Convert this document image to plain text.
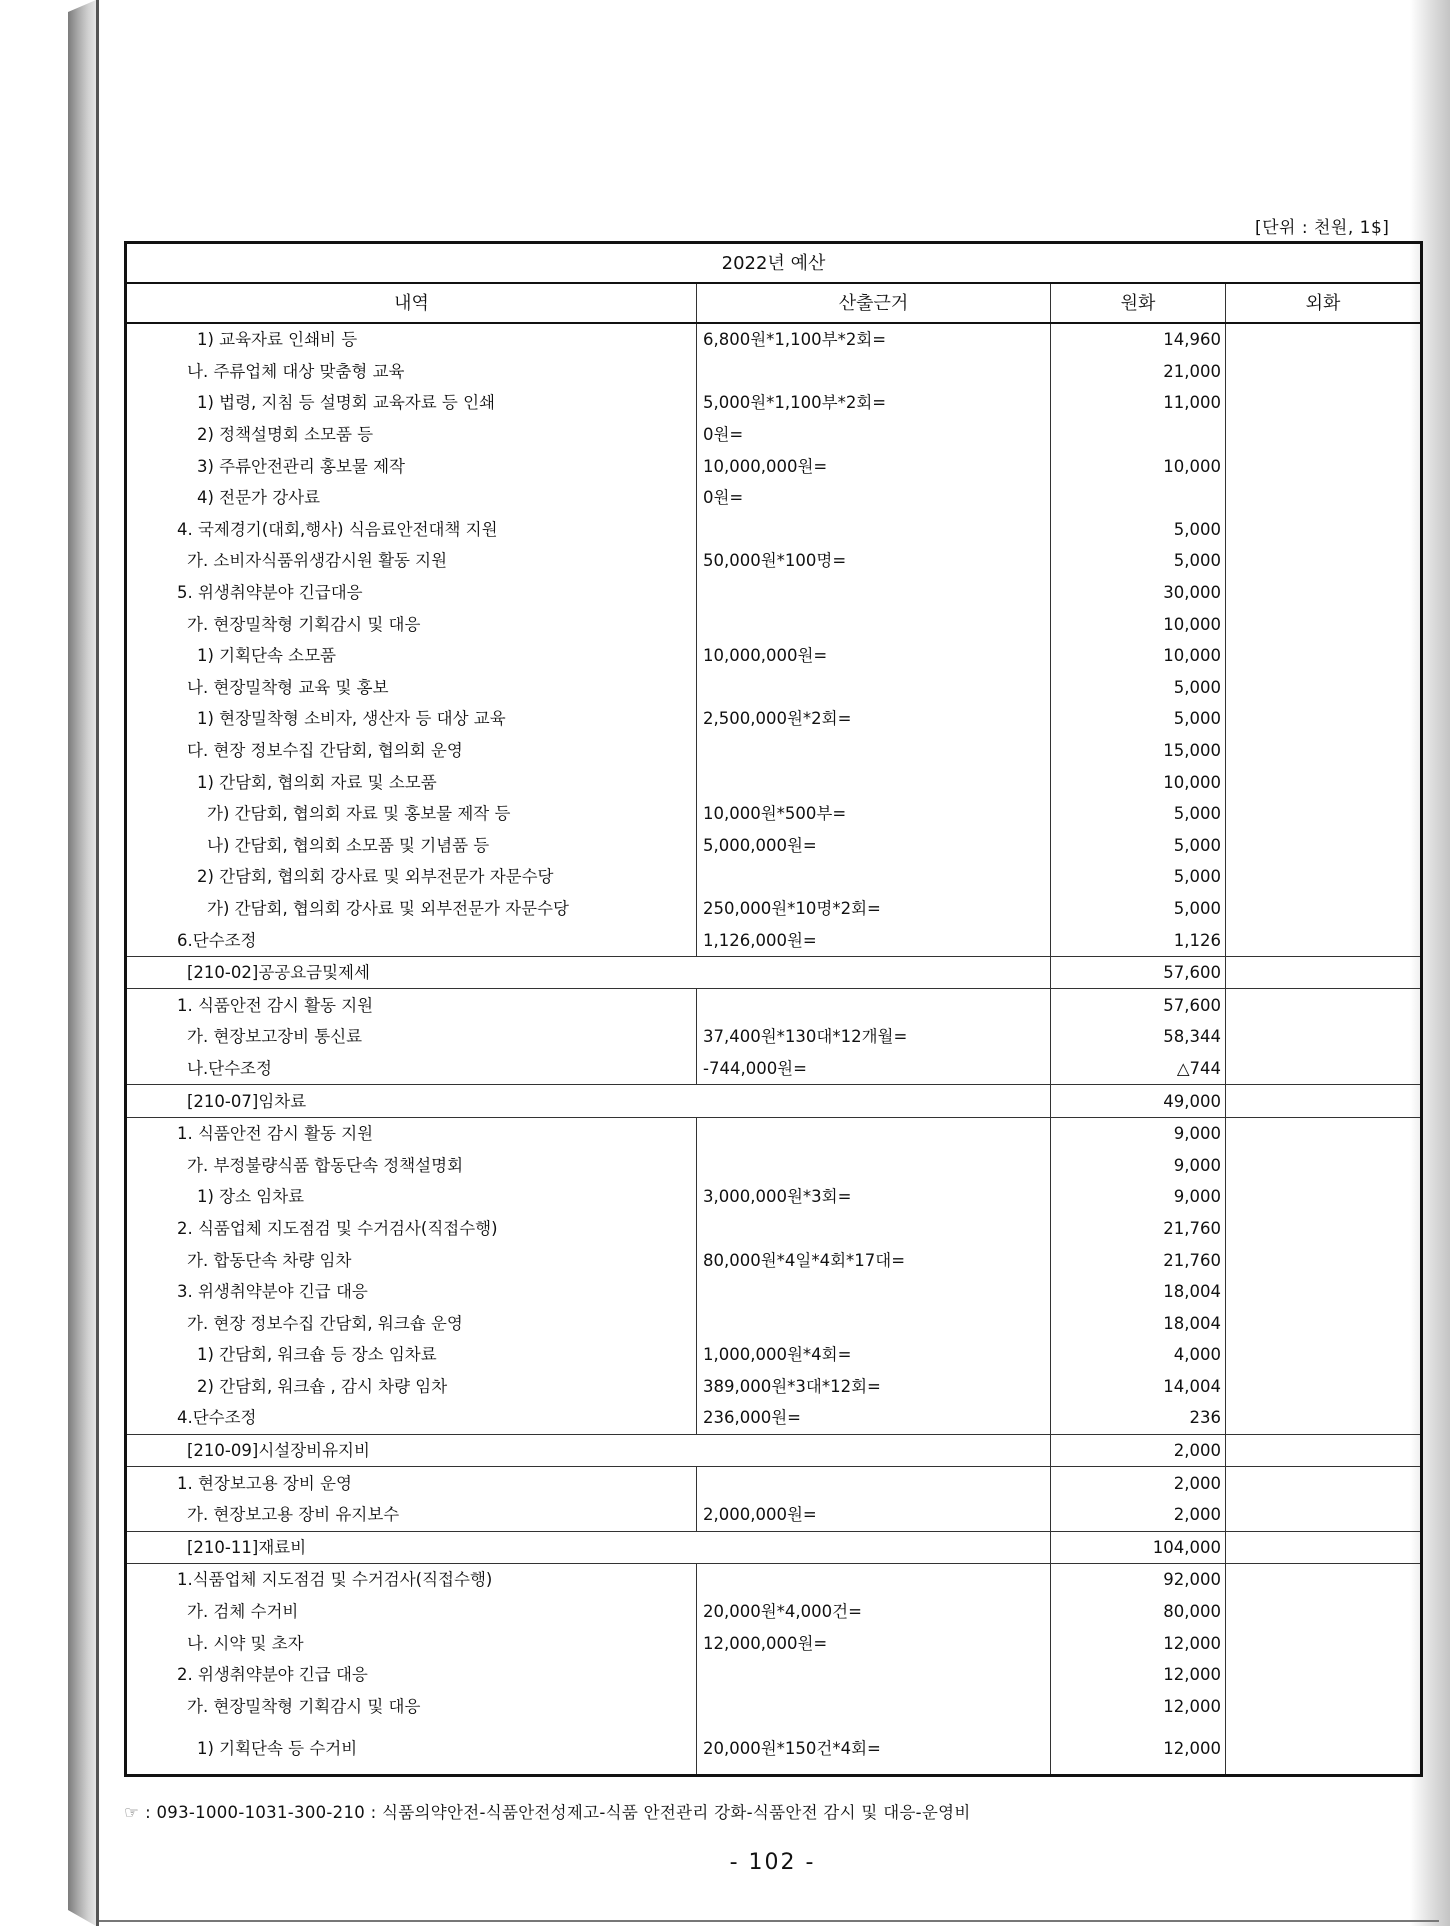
[단위 : 천원, 1$]
2022년 예산			
내역	산출근거	원화	외화
1) 교육자료 인쇄비 등	6,800원*1,100부*2회=	14,960	
나. 주류업체 대상 맞춤형 교육		21,000	
1) 법령, 지침 등 설명회 교육자료 등 인쇄	5,000원*1,100부*2회=	11,000	
2) 정책설명회 소모품 등	0원=		
3) 주류안전관리 홍보물 제작	10,000,000원=	10,000	
4) 전문가 강사료	0원=		
4. 국제경기(대회,행사) 식음료안전대책 지원		5,000	
가. 소비자식품위생감시원 활동 지원	50,000원*100명=	5,000	
5. 위생취약분야 긴급대응		30,000	
가. 현장밀착형 기획감시 및 대응		10,000	
1) 기획단속 소모품	10,000,000원=	10,000	
나. 현장밀착형 교육 및 홍보		5,000	
1) 현장밀착형 소비자, 생산자 등 대상 교육	2,500,000원*2회=	5,000	
다. 현장 정보수집 간담회, 협의회 운영		15,000	
1) 간담회, 협의회 자료 및 소모품		10,000	
가) 간담회, 협의회 자료 및 홍보물 제작 등	10,000원*500부=	5,000	
나) 간담회, 협의회 소모품 및 기념품 등	5,000,000원=	5,000	
2) 간담회, 협의회 강사료 및 외부전문가 자문수당		5,000	
가) 간담회, 협의회 강사료 및 외부전문가 자문수당	250,000원*10명*2회=	5,000	
6.단수조정	1,126,000원=	1,126	
[210-02]공공요금및제세		57,600	
1. 식품안전 감시 활동 지원		57,600	
가. 현장보고장비 통신료	37,400원*130대*12개월=	58,344	
나.단수조정	-744,000원=	△744	
[210-07]임차료		49,000	
1. 식품안전 감시 활동 지원		9,000	
가. 부정불량식품 합동단속 정책설명회		9,000	
1) 장소 임차료	3,000,000원*3회=	9,000	
2. 식품업체 지도점검 및 수거검사(직접수행)		21,760	
가. 합동단속 차량 임차	80,000원*4일*4회*17대=	21,760	
3. 위생취약분야 긴급 대응		18,004	
가. 현장 정보수집 간담회, 워크숍 운영		18,004	
1) 간담회, 워크숍 등 장소 임차료	1,000,000원*4회=	4,000	
2) 간담회, 워크숍 , 감시 차량 임차	389,000원*3대*12회=	14,004	
4.단수조정	236,000원=	236	
[210-09]시설장비유지비		2,000	
1. 현장보고용 장비 운영		2,000	
가. 현장보고용 장비 유지보수	2,000,000원=	2,000	
[210-11]재료비		104,000	
1.식품업체 지도점검 및 수거검사(직접수행)		92,000	
가. 검체 수거비	20,000원*4,000건=	80,000	
나. 시약 및 초자	12,000,000원=	12,000	
2. 위생취약분야 긴급 대응		12,000	
가. 현장밀착형 기획감시 및 대응		12,000	
1) 기획단속 등 수거비	20,000원*150건*4회=	12,000	
☞ : 093-1000-1031-300-210 : 식품의약안전-식품안전성제고-식품 안전관리 강화-식품안전 감시 및 대응-운영비
- 102 -
